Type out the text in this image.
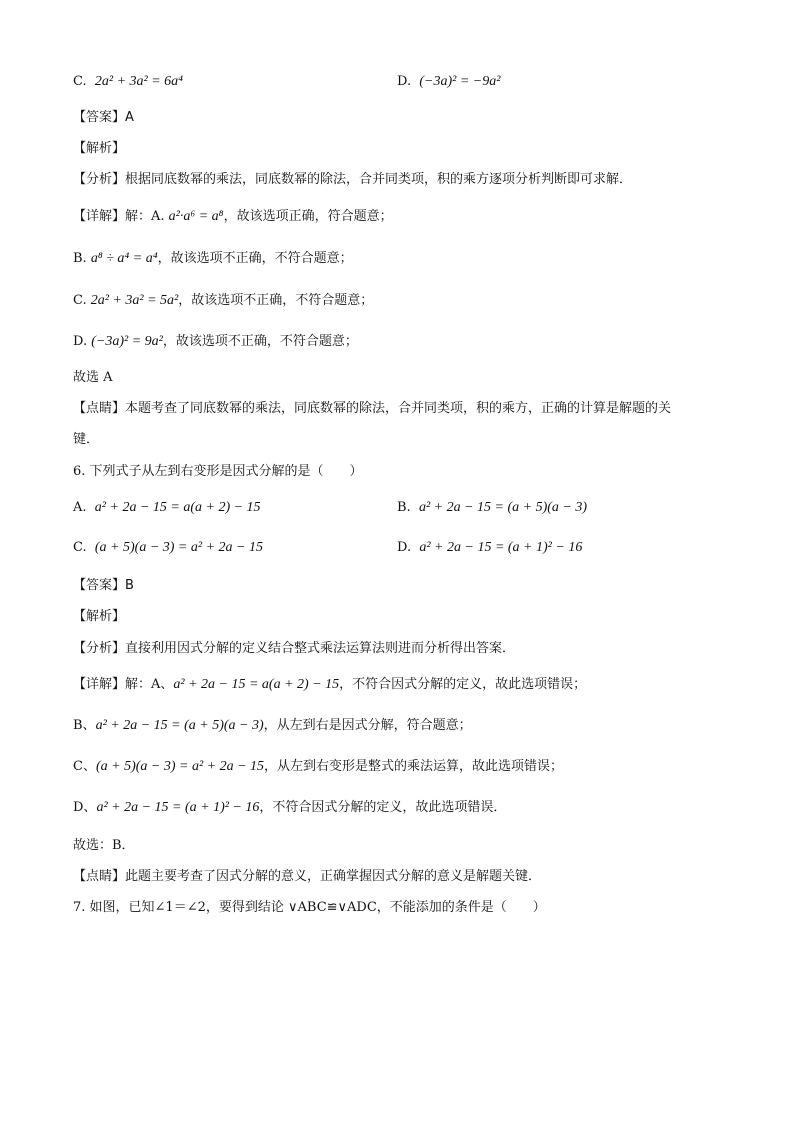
C. 2a² + 3a² = 6a⁴	D. (−3a)² = −9a²
【答案】A
【解析】
【分析】根据同底数幂的乘法，同底数幂的除法，合并同类项，积的乘方逐项分析判断即可求解．
【详解】解：A. a²·a⁶ = a⁸，故该选项正确，符合题意；
B. a⁸ ÷ a⁴ = a⁴，故该选项不正确，不符合题意；
C. 2a² + 3a² = 5a²，故该选项不正确，不符合题意；
D. (−3a)² = 9a²，故该选项不正确，不符合题意；
故选 A
【点睛】本题考查了同底数幂的乘法，同底数幂的除法，合并同类项，积的乘方，正确的计算是解题的关
键．
6. 下列式子从左到右变形是因式分解的是（　　）
A. a² + 2a − 15 = a(a + 2) − 15	B. a² + 2a − 15 = (a + 5)(a − 3)
C. (a + 5)(a − 3) = a² + 2a − 15	D. a² + 2a − 15 = (a + 1)² − 16
【答案】B
【解析】
【分析】直接利用因式分解的定义结合整式乘法运算法则进而分析得出答案．
【详解】解：A、a² + 2a − 15 = a(a + 2) − 15，不符合因式分解的定义，故此选项错误；
B、a² + 2a − 15 = (a + 5)(a − 3)，从左到右是因式分解，符合题意；
C、(a + 5)(a − 3) = a² + 2a − 15，从左到右变形是整式的乘法运算，故此选项错误；
D、a² + 2a − 15 = (a + 1)² − 16，不符合因式分解的定义，故此选项错误．
故选：B．
【点睛】此题主要考查了因式分解的意义，正确掌握因式分解的意义是解题关键．
7. 如图，已知∠1＝∠2，要得到结论 ∨ABC≌∨ADC，不能添加的条件是（　　）
